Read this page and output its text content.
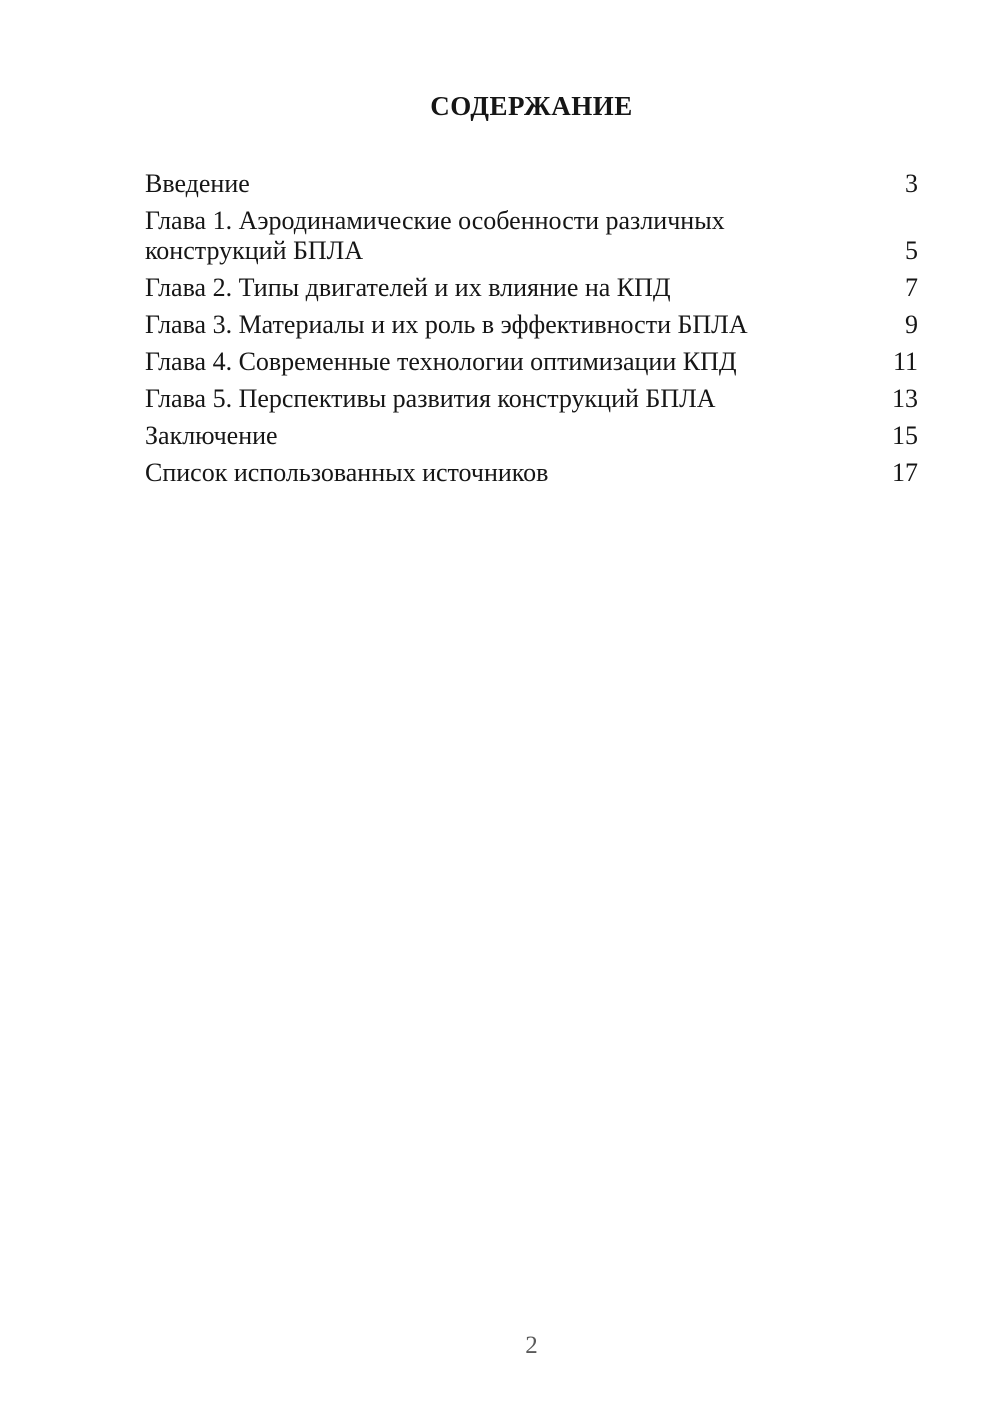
СОДЕРЖАНИЕ
Введение	3
Глава 1. Аэродинамические особенности различных конструкций БПЛА	5
Глава 2. Типы двигателей и их влияние на КПД	7
Глава 3. Материалы и их роль в эффективности БПЛА	9
Глава 4. Современные технологии оптимизации КПД	11
Глава 5. Перспективы развития конструкций БПЛА	13
Заключение	15
Список использованных источников	17
2
